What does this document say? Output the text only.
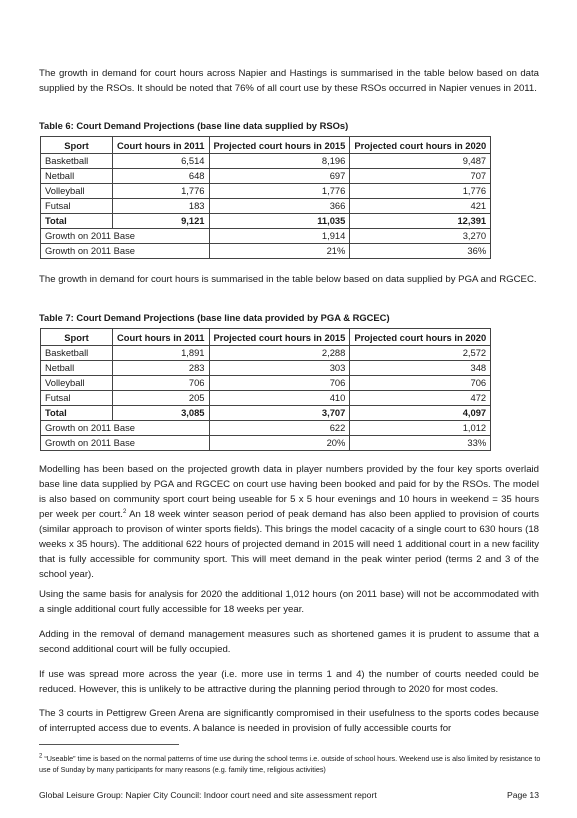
The growth in demand for court hours across Napier and Hastings is summarised in the table below based on data supplied by the RSOs. It should be noted that 76% of all court use by these RSOs occurred in Napier venues in 2011.

Table 6: Court Demand Projections (base line data supplied by RSOs)

Sport	Court hours in 2011	Projected court hours in 2015	Projected court hours in 2020
Basketball	6,514	8,196	9,487
Netball	648	697	707
Volleyball	1,776	1,776	1,776
Futsal	183	366	421
Total	9,121	11,035	12,391
Growth on 2011 Base		1,914	3,270
Growth on 2011 Base		21%	36%

The growth in demand for court hours is summarised in the table below based on data supplied by PGA and RGCEC.

Table 7: Court Demand Projections (base line data provided by PGA & RGCEC)

Sport	Court hours in 2011	Projected court hours in 2015	Projected court hours in 2020
Basketball	1,891	2,288	2,572
Netball	283	303	348
Volleyball	706	706	706
Futsal	205	410	472
Total	3,085	3,707	4,097
Growth on 2011 Base		622	1,012
Growth on 2011 Base		20%	33%

Modelling has been based on the projected growth data in player numbers provided by the four key sports overlaid base line data supplied by PGA and RGCEC on court use having been booked and paid for by the RSOs. The model is also based on community sport court being useable for 5 x 5 hour evenings and 10 hours in weekend = 35 hours per week per court.$^2$ An 18 week winter season period of peak demand has also been applied to provision of courts (similar approach to provison of winter sports fields). This brings the model cacacity of a single court to 630 hours (18 weeks x 35 hours). The additional 622 hours of projected demand in 2015 will need 1 additional court in a new facility that is fully accessible for community sport. This will meet demand in the peak winter period (terms 2 and 3 of the school year).

Using the same basis for analysis for 2020 the additional 1,012 hours (on 2011 base) will not be accommodated with a single additional court fully accessible for 18 weeks per year.

Adding in the removal of demand management measures such as shortened games it is prudent to assume that a second additional court will be fully occupied.

If use was spread more across the year (i.e. more use in terms 1 and 4) the number of courts needed could be reduced. However, this is unlikely to be attractive during the planning period through to 2020 for most codes.

The 3 courts in Pettigrew Green Arena are significantly compromised in their usefulness to the sports codes because of interrupted access due to events. A balance is needed in provision of fully accessible courts for

$^2$ “Useable” time is based on the normal patterns of time use during the school terms i.e. outside of school hours. Weekend use is also limited by resistance to use of Sunday by many participants for many reasons (e.g. family time, religious activities)

Global Leisure Group: Napier City Council: Indoor court need and site assessment report	Page 13
